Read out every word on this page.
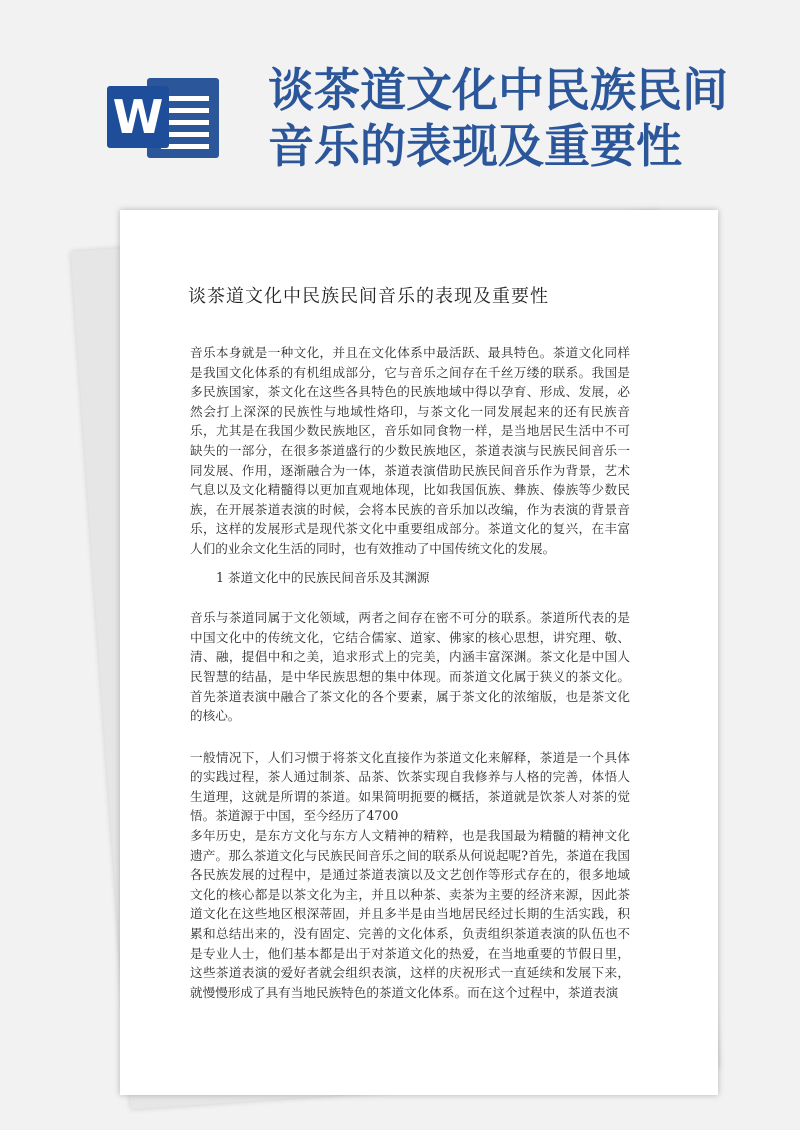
W 谈茶道文化中民族民间音乐的表现及重要性
谈茶道文化中民族民间音乐的表现及重要性

音乐本身就是一种文化，并且在文化体系中最活跃、最具特色。茶道文化同样是我国文化体系的有机组成部分，它与音乐之间存在千丝万缕的联系。我国是多民族国家，茶文化在这些各具特色的民族地域中得以孕育、形成、发展，必然会打上深深的民族性与地域性烙印，与茶文化一同发展起来的还有民族音乐，尤其是在我国少数民族地区，音乐如同食物一样，是当地居民生活中不可缺失的一部分，在很多茶道盛行的少数民族地区，茶道表演与民族民间音乐一同发展、作用，逐渐融合为一体，茶道表演借助民族民间音乐作为背景，艺术气息以及文化精髓得以更加直观地体现，比如我国佤族、彝族、傣族等少数民族，在开展茶道表演的时候，会将本民族的音乐加以改编，作为表演的背景音乐，这样的发展形式是现代茶文化中重要组成部分。茶道文化的复兴，在丰富人们的业余文化生活的同时，也有效推动了中国传统文化的发展。

1 茶道文化中的民族民间音乐及其渊源

音乐与茶道同属于文化领域，两者之间存在密不可分的联系。茶道所代表的是中国文化中的传统文化，它结合儒家、道家、佛家的核心思想，讲究理、敬、清、融，提倡中和之美，追求形式上的完美，内涵丰富深渊。茶文化是中国人民智慧的结晶，是中华民族思想的集中体现。而茶道文化属于狭义的茶文化。首先茶道表演中融合了茶文化的各个要素，属于茶文化的浓缩版，也是茶文化的核心。

一般情况下，人们习惯于将茶文化直接作为茶道文化来解释，茶道是一个具体的实践过程，茶人通过制茶、品茶、饮茶实现自我修养与人格的完善，体悟人生道理，这就是所谓的茶道。如果简明扼要的概括，茶道就是饮茶人对茶的觉悟。茶道源于中国，至今经历了4700

多年历史，是东方文化与东方人文精神的精粹，也是我国最为精髓的精神文化遗产。那么茶道文化与民族民间音乐之间的联系从何说起呢?首先，茶道在我国各民族发展的过程中，是通过茶道表演以及文艺创作等形式存在的，很多地域文化的核心都是以茶文化为主，并且以种茶、卖茶为主要的经济来源，因此茶道文化在这些地区根深蒂固，并且多半是由当地居民经过长期的生活实践，积累和总结出来的，没有固定、完善的文化体系，负责组织茶道表演的队伍也不是专业人士，他们基本都是出于对茶道文化的热爱，在当地重要的节假日里，这些茶道表演的爱好者就会组织表演，这样的庆祝形式一直延续和发展下来，就慢慢形成了具有当地民族特色的茶道文化体系。而在这个过程中，茶道表演
